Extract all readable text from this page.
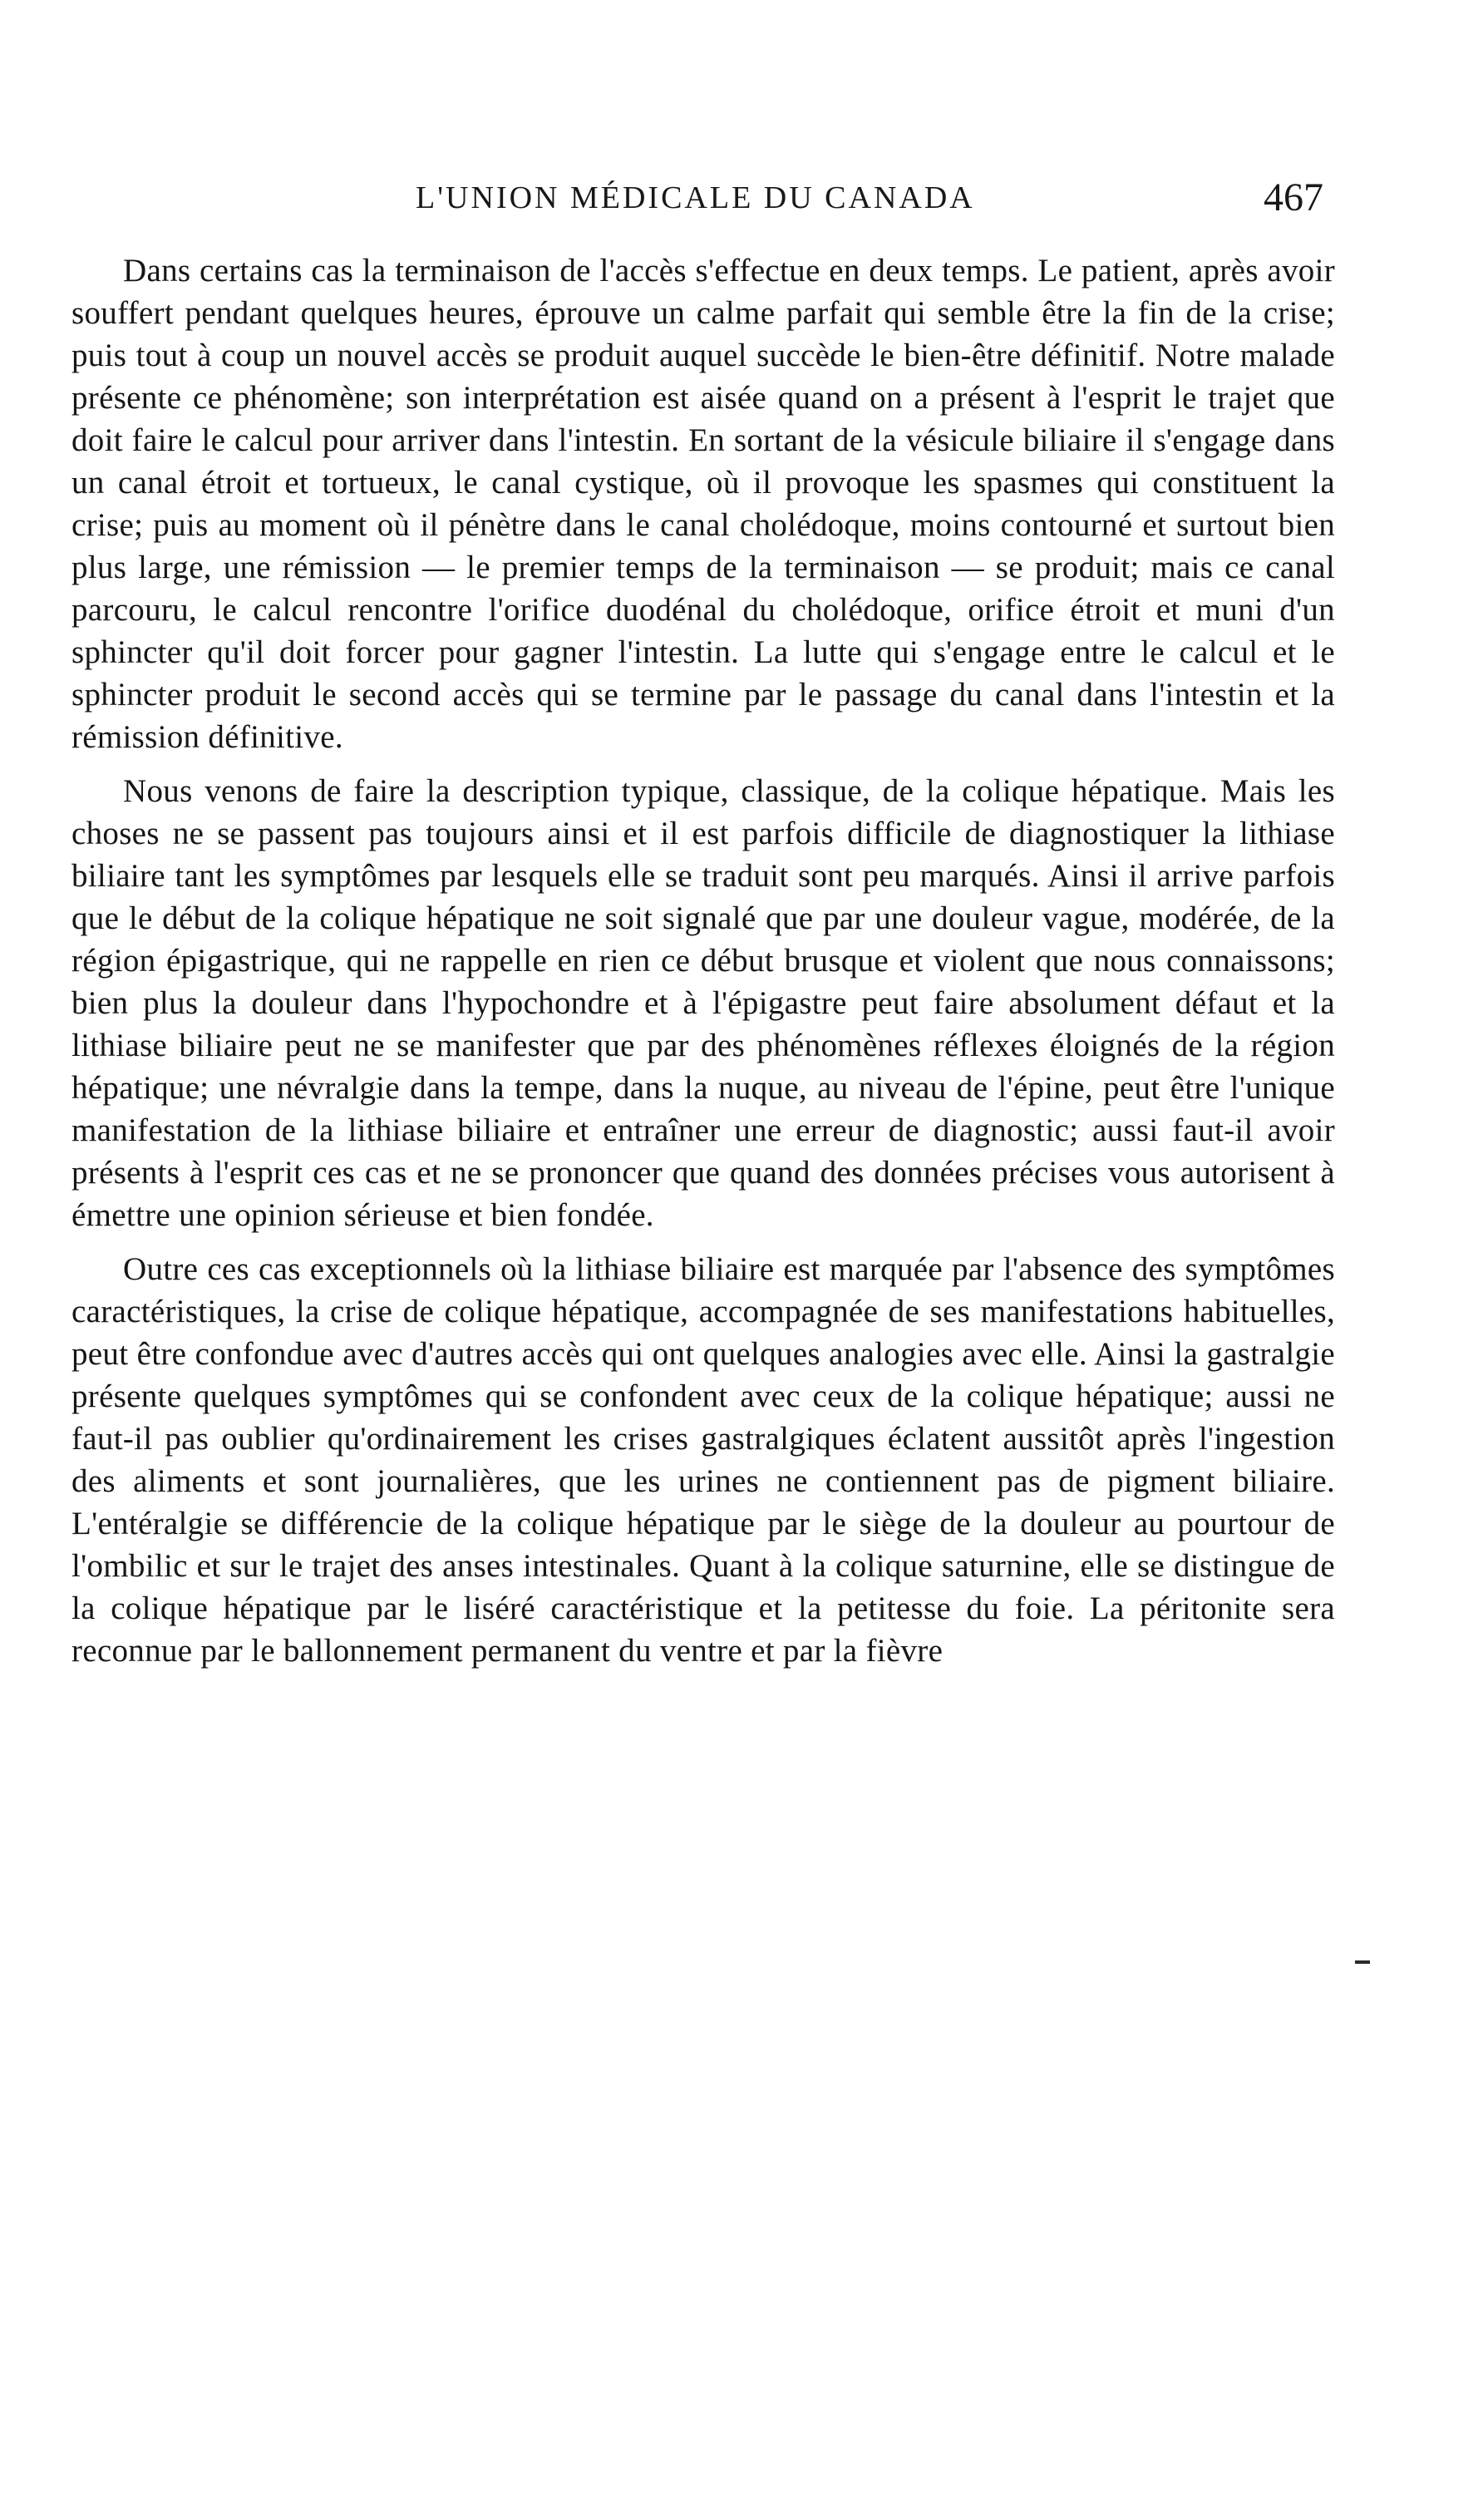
L'UNION MÉDICALE DU CANADA	467

Dans certains cas la terminaison de l'accès s'effectue en deux temps. Le patient, après avoir souffert pendant quelques heures, éprouve un calme parfait qui semble être la fin de la crise; puis tout à coup un nouvel accès se produit auquel succède le bien-être définitif. Notre malade présente ce phénomène; son interprétation est aisée quand on a présent à l'esprit le trajet que doit faire le calcul pour arriver dans l'intestin. En sortant de la vésicule biliaire il s'engage dans un canal étroit et tortueux, le canal cystique, où il provoque les spasmes qui constituent la crise; puis au moment où il pénètre dans le canal cholédoque, moins contourné et surtout bien plus large, une rémission — le premier temps de la terminaison — se produit; mais ce canal parcouru, le calcul rencontre l'orifice duodénal du cholédoque, orifice étroit et muni d'un sphincter qu'il doit forcer pour gagner l'intestin. La lutte qui s'engage entre le calcul et le sphincter produit le second accès qui se termine par le passage du canal dans l'intestin et la rémission définitive.

Nous venons de faire la description typique, classique, de la colique hépatique. Mais les choses ne se passent pas toujours ainsi et il est parfois difficile de diagnostiquer la lithiase biliaire tant les symptômes par lesquels elle se traduit sont peu marqués. Ainsi il arrive parfois que le début de la colique hépatique ne soit signalé que par une douleur vague, modérée, de la région épigastrique, qui ne rappelle en rien ce début brusque et violent que nous connaissons; bien plus la douleur dans l'hypochondre et à l'épigastre peut faire absolument défaut et la lithiase biliaire peut ne se manifester que par des phénomènes réflexes éloignés de la région hépatique; une névralgie dans la tempe, dans la nuque, au niveau de l'épine, peut être l'unique manifestation de la lithiase biliaire et entraîner une erreur de diagnostic; aussi faut-il avoir présents à l'esprit ces cas et ne se prononcer que quand des données précises vous autorisent à émettre une opinion sérieuse et bien fondée.

Outre ces cas exceptionnels où la lithiase biliaire est marquée par l'absence des symptômes caractéristiques, la crise de colique hépatique, accompagnée de ses manifestations habituelles, peut être confondue avec d'autres accès qui ont quelques analogies avec elle. Ainsi la gastralgie présente quelques symptômes qui se confondent avec ceux de la colique hépatique; aussi ne faut-il pas oublier qu'ordinairement les crises gastralgiques éclatent aussitôt après l'ingestion des aliments et sont journalières, que les urines ne contiennent pas de pigment biliaire. L'entéralgie se différencie de la colique hépatique par le siège de la douleur au pourtour de l'ombilic et sur le trajet des anses intestinales. Quant à la colique saturnine, elle se distingue de la colique hépatique par le liséré caractéristique et la petitesse du foie. La péritonite sera reconnue par le ballonnement permanent du ventre et par la fièvre
